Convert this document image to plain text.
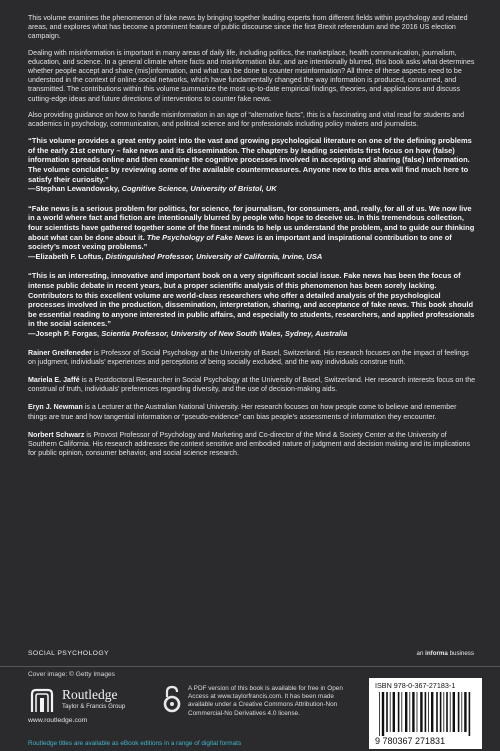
This volume examines the phenomenon of fake news by bringing together leading experts from different fields within psychology and related areas, and explores what has become a prominent feature of public discourse since the first Brexit referendum and the 2016 US election campaign.

Dealing with misinformation is important in many areas of daily life, including politics, the marketplace, health communication, journalism, education, and science. In a general climate where facts and misinformation blur, and are intentionally blurred, this book asks what determines whether people accept and share (mis)information, and what can be done to counter misinformation? All three of these aspects need to be understood in the context of online social networks, which have fundamentally changed the way information is produced, consumed, and transmitted. The contributions within this volume summarize the most up-to-date empirical findings, theories, and applications and discuss cutting-edge ideas and future directions of interventions to counter fake news.

Also providing guidance on how to handle misinformation in an age of “alternative facts”, this is a fascinating and vital read for students and academics in psychology, communication, and political science and for professionals including policy makers and journalists.

“This volume provides a great entry point into the vast and growing psychological literature on one of the defining problems of the early 21st century – fake news and its dissemination. The chapters by leading scientists first focus on how (false) information spreads online and then examine the cognitive processes involved in accepting and sharing (false) information. The volume concludes by reviewing some of the available countermeasures. Anyone new to this area will find much here to satisfy their curiosity.”

—Stephan Lewandowsky, Cognitive Science, University of Bristol, UK

“Fake news is a serious problem for politics, for science, for journalism, for consumers, and, really, for all of us. We now live in a world where fact and fiction are intentionally blurred by people who hope to deceive us. In this tremendous collection, four scientists have gathered together some of the finest minds to help us understand the problem, and to guide our thinking about what can be done about it. The Psychology of Fake News is an important and inspirational contribution to one of society’s most vexing problems.”

—Elizabeth F. Loftus, Distinguished Professor, University of California, Irvine, USA

“This is an interesting, innovative and important book on a very significant social issue. Fake news has been the focus of intense public debate in recent years, but a proper scientific analysis of this phenomenon has been sorely lacking. Contributors to this excellent volume are world-class researchers who offer a detailed analysis of the psychological processes involved in the production, dissemination, interpretation, sharing, and acceptance of fake news. This book should be essential reading to anyone interested in public affairs, and especially to students, researchers, and applied professionals in the social sciences.”

—Joseph P. Forgas, Scientia Professor, University of New South Wales, Sydney, Australia

Rainer Greifeneder is Professor of Social Psychology at the University of Basel, Switzerland. His research focuses on the impact of feelings on judgment, individuals’ experiences and perceptions of being socially excluded, and the way individuals construe truth.

Mariela E. Jaffé is a Postdoctoral Researcher in Social Psychology at the University of Basel, Switzerland. Her research interests focus on the construal of truth, individuals’ preferences regarding diversity, and the use of decision-making aids.

Eryn J. Newman is a Lecturer at the Australian National University. Her research focuses on how people come to believe and remember things are true and how tangential information or “pseudo-evidence” can bias people’s assessments of information they encounter.

Norbert Schwarz is Provost Professor of Psychology and Marketing and Co-director of the Mind & Society Center at the University of Southern California. His research addresses the context sensitive and embodied nature of judgment and decision making and its implications for public opinion, consumer behavior, and social science research.

SOCIAL PSYCHOLOGY	an informa business
Cover image: © Getty Images
Routledge
Taylor & Francis Group
www.routledge.com
A PDF version of this book is available for free in Open Access at www.taylorfrancis.com. It has been made available under a Creative Commons Attribution-Non Commercial-No Derivatives 4.0 license.
ISBN 978-0-367-27183-1
9 780367 271831
Routledge titles are available as eBook editions in a range of digital formats
